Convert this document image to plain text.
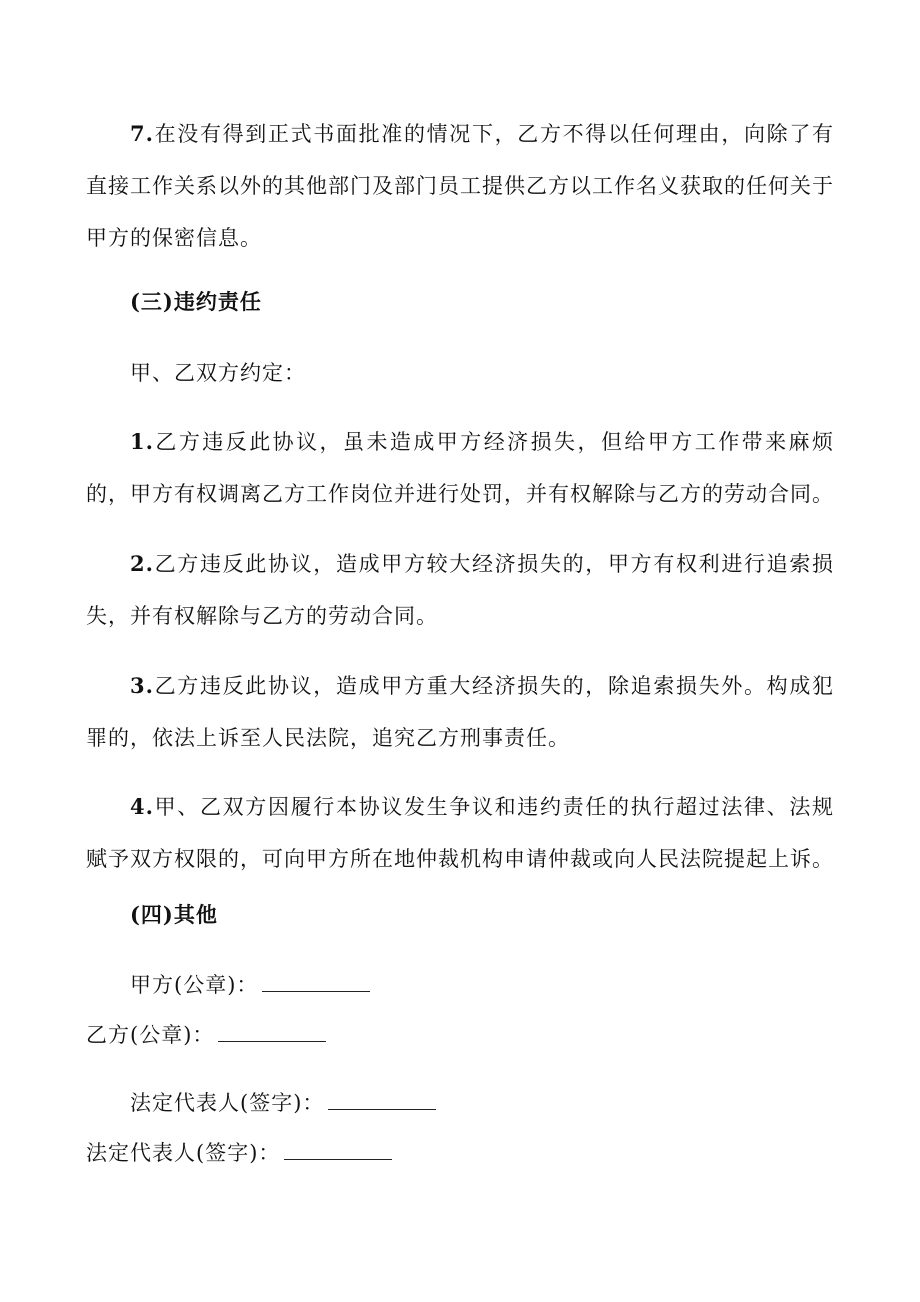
7.在没有得到正式书面批准的情况下，乙方不得以任何理由，向除了有直接工作关系以外的其他部门及部门员工提供乙方以工作名义获取的任何关于甲方的保密信息。

(三)违约责任

甲、乙双方约定：

1.乙方违反此协议，虽未造成甲方经济损失，但给甲方工作带来麻烦的，甲方有权调离乙方工作岗位并进行处罚，并有权解除与乙方的劳动合同。

2.乙方违反此协议，造成甲方较大经济损失的，甲方有权利进行追索损失，并有权解除与乙方的劳动合同。

3.乙方违反此协议，造成甲方重大经济损失的，除追索损失外。构成犯罪的，依法上诉至人民法院，追究乙方刑事责任。

4.甲、乙双方因履行本协议发生争议和违约责任的执行超过法律、法规赋予双方权限的，可向甲方所在地仲裁机构申请仲裁或向人民法院提起上诉。

(四)其他

甲方(公章)：

乙方(公章)：

法定代表人(签字)：

法定代表人(签字)：
